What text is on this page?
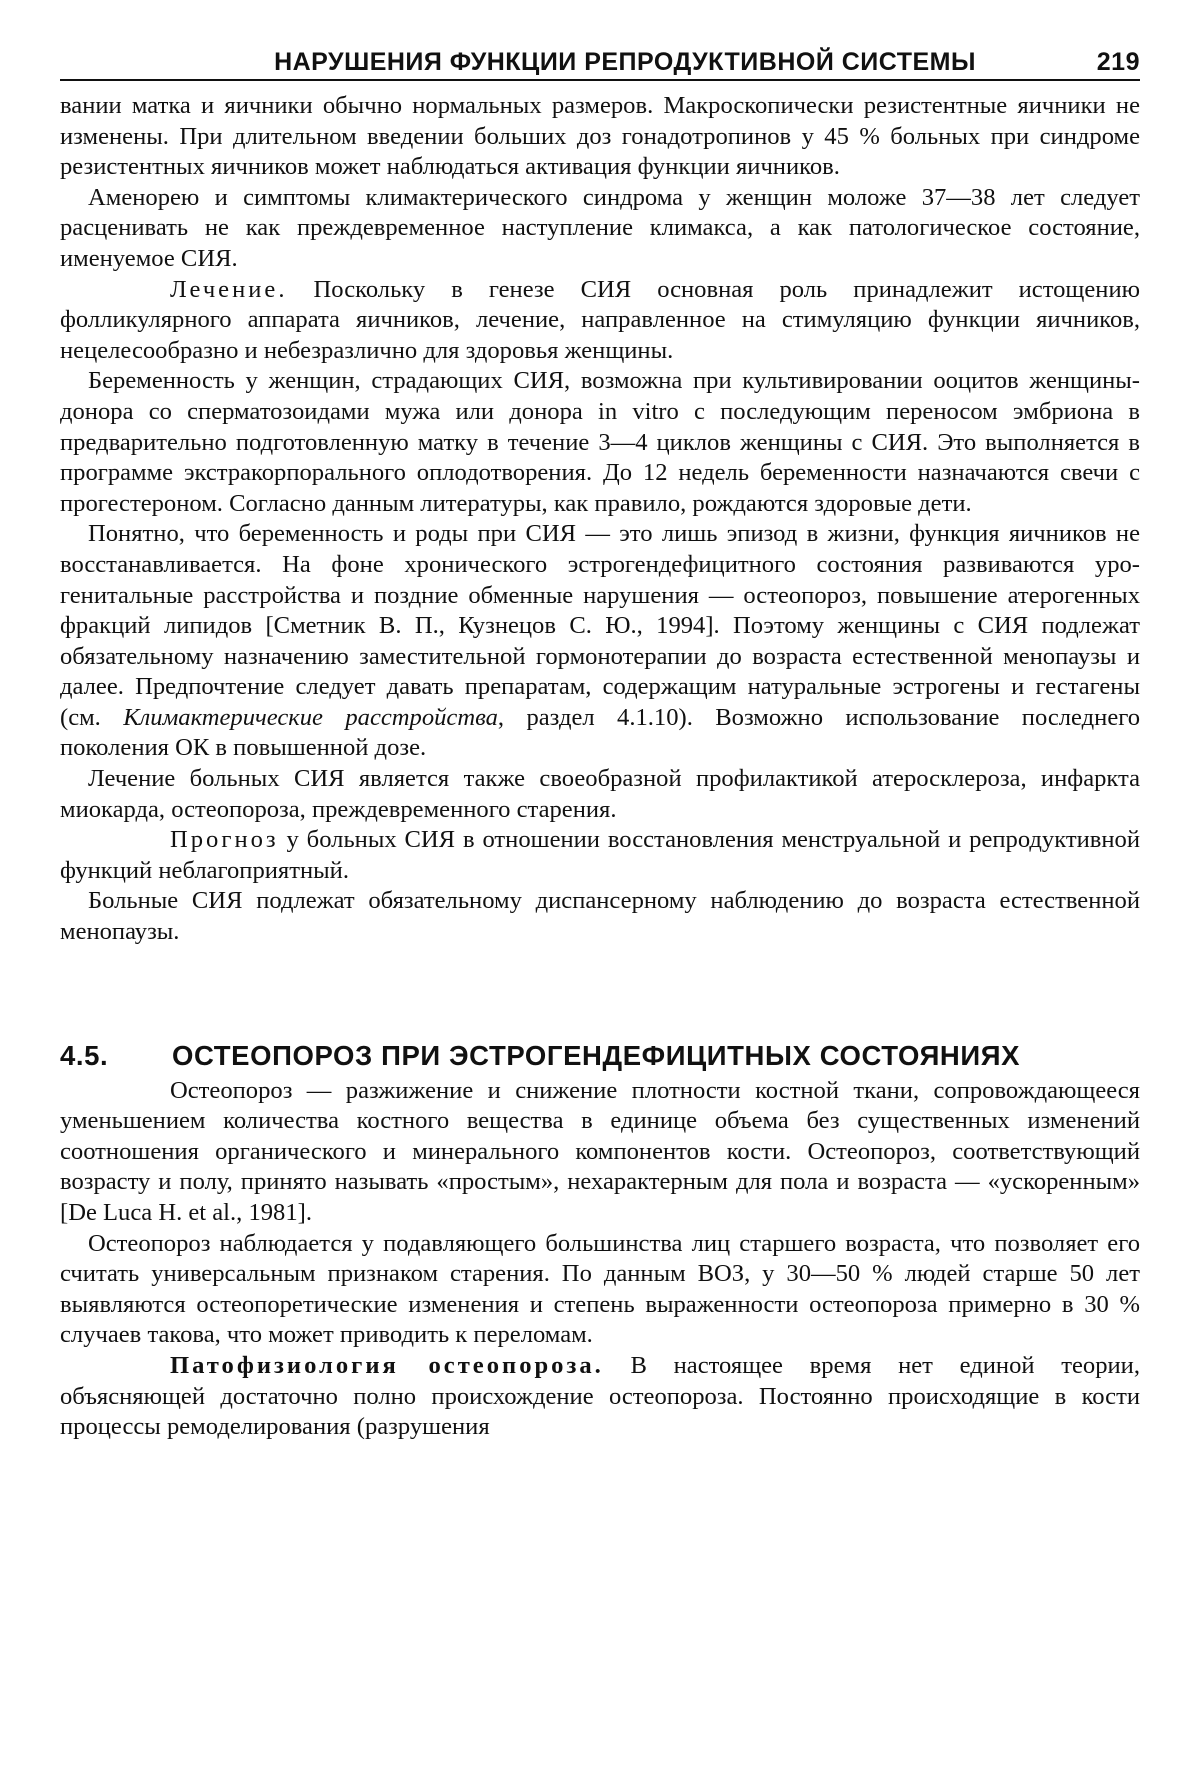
НАРУШЕНИЯ ФУНКЦИИ РЕПРОДУКТИВНОЙ СИСТЕМЫ	219

вании матка и яичники обычно нормальных размеров. Макроскопически резистентные яичники не изменены. При длительном введении больших доз гонадотропинов у 45 % больных при синдроме резистентных яичников может наблюдаться активация функции яичников.

Аменорею и симптомы климактерического синдрома у женщин моложе 37—38 лет следует расценивать не как преждевременное наступление климакса, а как патологическое состояние, именуемое СИЯ.

Лечение. Поскольку в генезе СИЯ основная роль принадлежит истощению фолликулярного аппарата яичников, лечение, направленное на стимуляцию функции яичников, нецелесообразно и небезразлично для здоровья женщины.

Беременность у женщин, страдающих СИЯ, возможна при культивировании ооцитов женщины-донора со сперматозоидами мужа или донора in vitro с последующим переносом эмбриона в предварительно подготовленную матку в течение 3—4 циклов женщины с СИЯ. Это выполняется в программе экстракорпорального оплодотворения. До 12 недель беременности назначаются свечи с прогестероном. Согласно данным литературы, как правило, рождаются здоровые дети.

Понятно, что беременность и роды при СИЯ — это лишь эпизод в жизни, функция яичников не восстанавливается. На фоне хронического эстрогендефицитного состояния развиваются уро-генитальные расстройства и поздние обменные нарушения — остеопороз, повышение атерогенных фракций липидов [Сметник В. П., Кузнецов С. Ю., 1994]. Поэтому женщины с СИЯ подлежат обязательному назначению заместительной гормонотерапии до возраста естественной менопаузы и далее. Предпочтение следует давать препаратам, содержащим натуральные эстрогены и гестагены (см. Климактерические расстройства, раздел 4.1.10). Возможно использование последнего поколения ОК в повышенной дозе.

Лечение больных СИЯ является также своеобразной профилактикой атеросклероза, инфаркта миокарда, остеопороза, преждевременного старения.

Прогноз у больных СИЯ в отношении восстановления менструальной и репродуктивной функций неблагоприятный.

Больные СИЯ подлежат обязательному диспансерному наблюдению до возраста естественной менопаузы.

4.5.	ОСТЕОПОРОЗ ПРИ ЭСТРОГЕНДЕФИЦИТНЫХ СОСТОЯНИЯХ

Остеопороз — разжижение и снижение плотности костной ткани, сопровождающееся уменьшением количества костного вещества в единице объема без существенных изменений соотношения органического и минерального компонентов кости. Остеопороз, соответствующий возрасту и полу, принято называть «простым», нехарактерным для пола и возраста — «ускоренным» [De Luca H. et al., 1981].

Остеопороз наблюдается у подавляющего большинства лиц старшего возраста, что позволяет его считать универсальным признаком старения. По данным ВОЗ, у 30—50 % людей старше 50 лет выявляются остеопоретические изменения и степень выраженности остеопороза примерно в 30 % случаев такова, что может приводить к переломам.

Патофизиология остеопороза. В настоящее время нет единой теории, объясняющей достаточно полно происхождение остеопороза. Постоянно происходящие в кости процессы ремоделирования (разрушения
